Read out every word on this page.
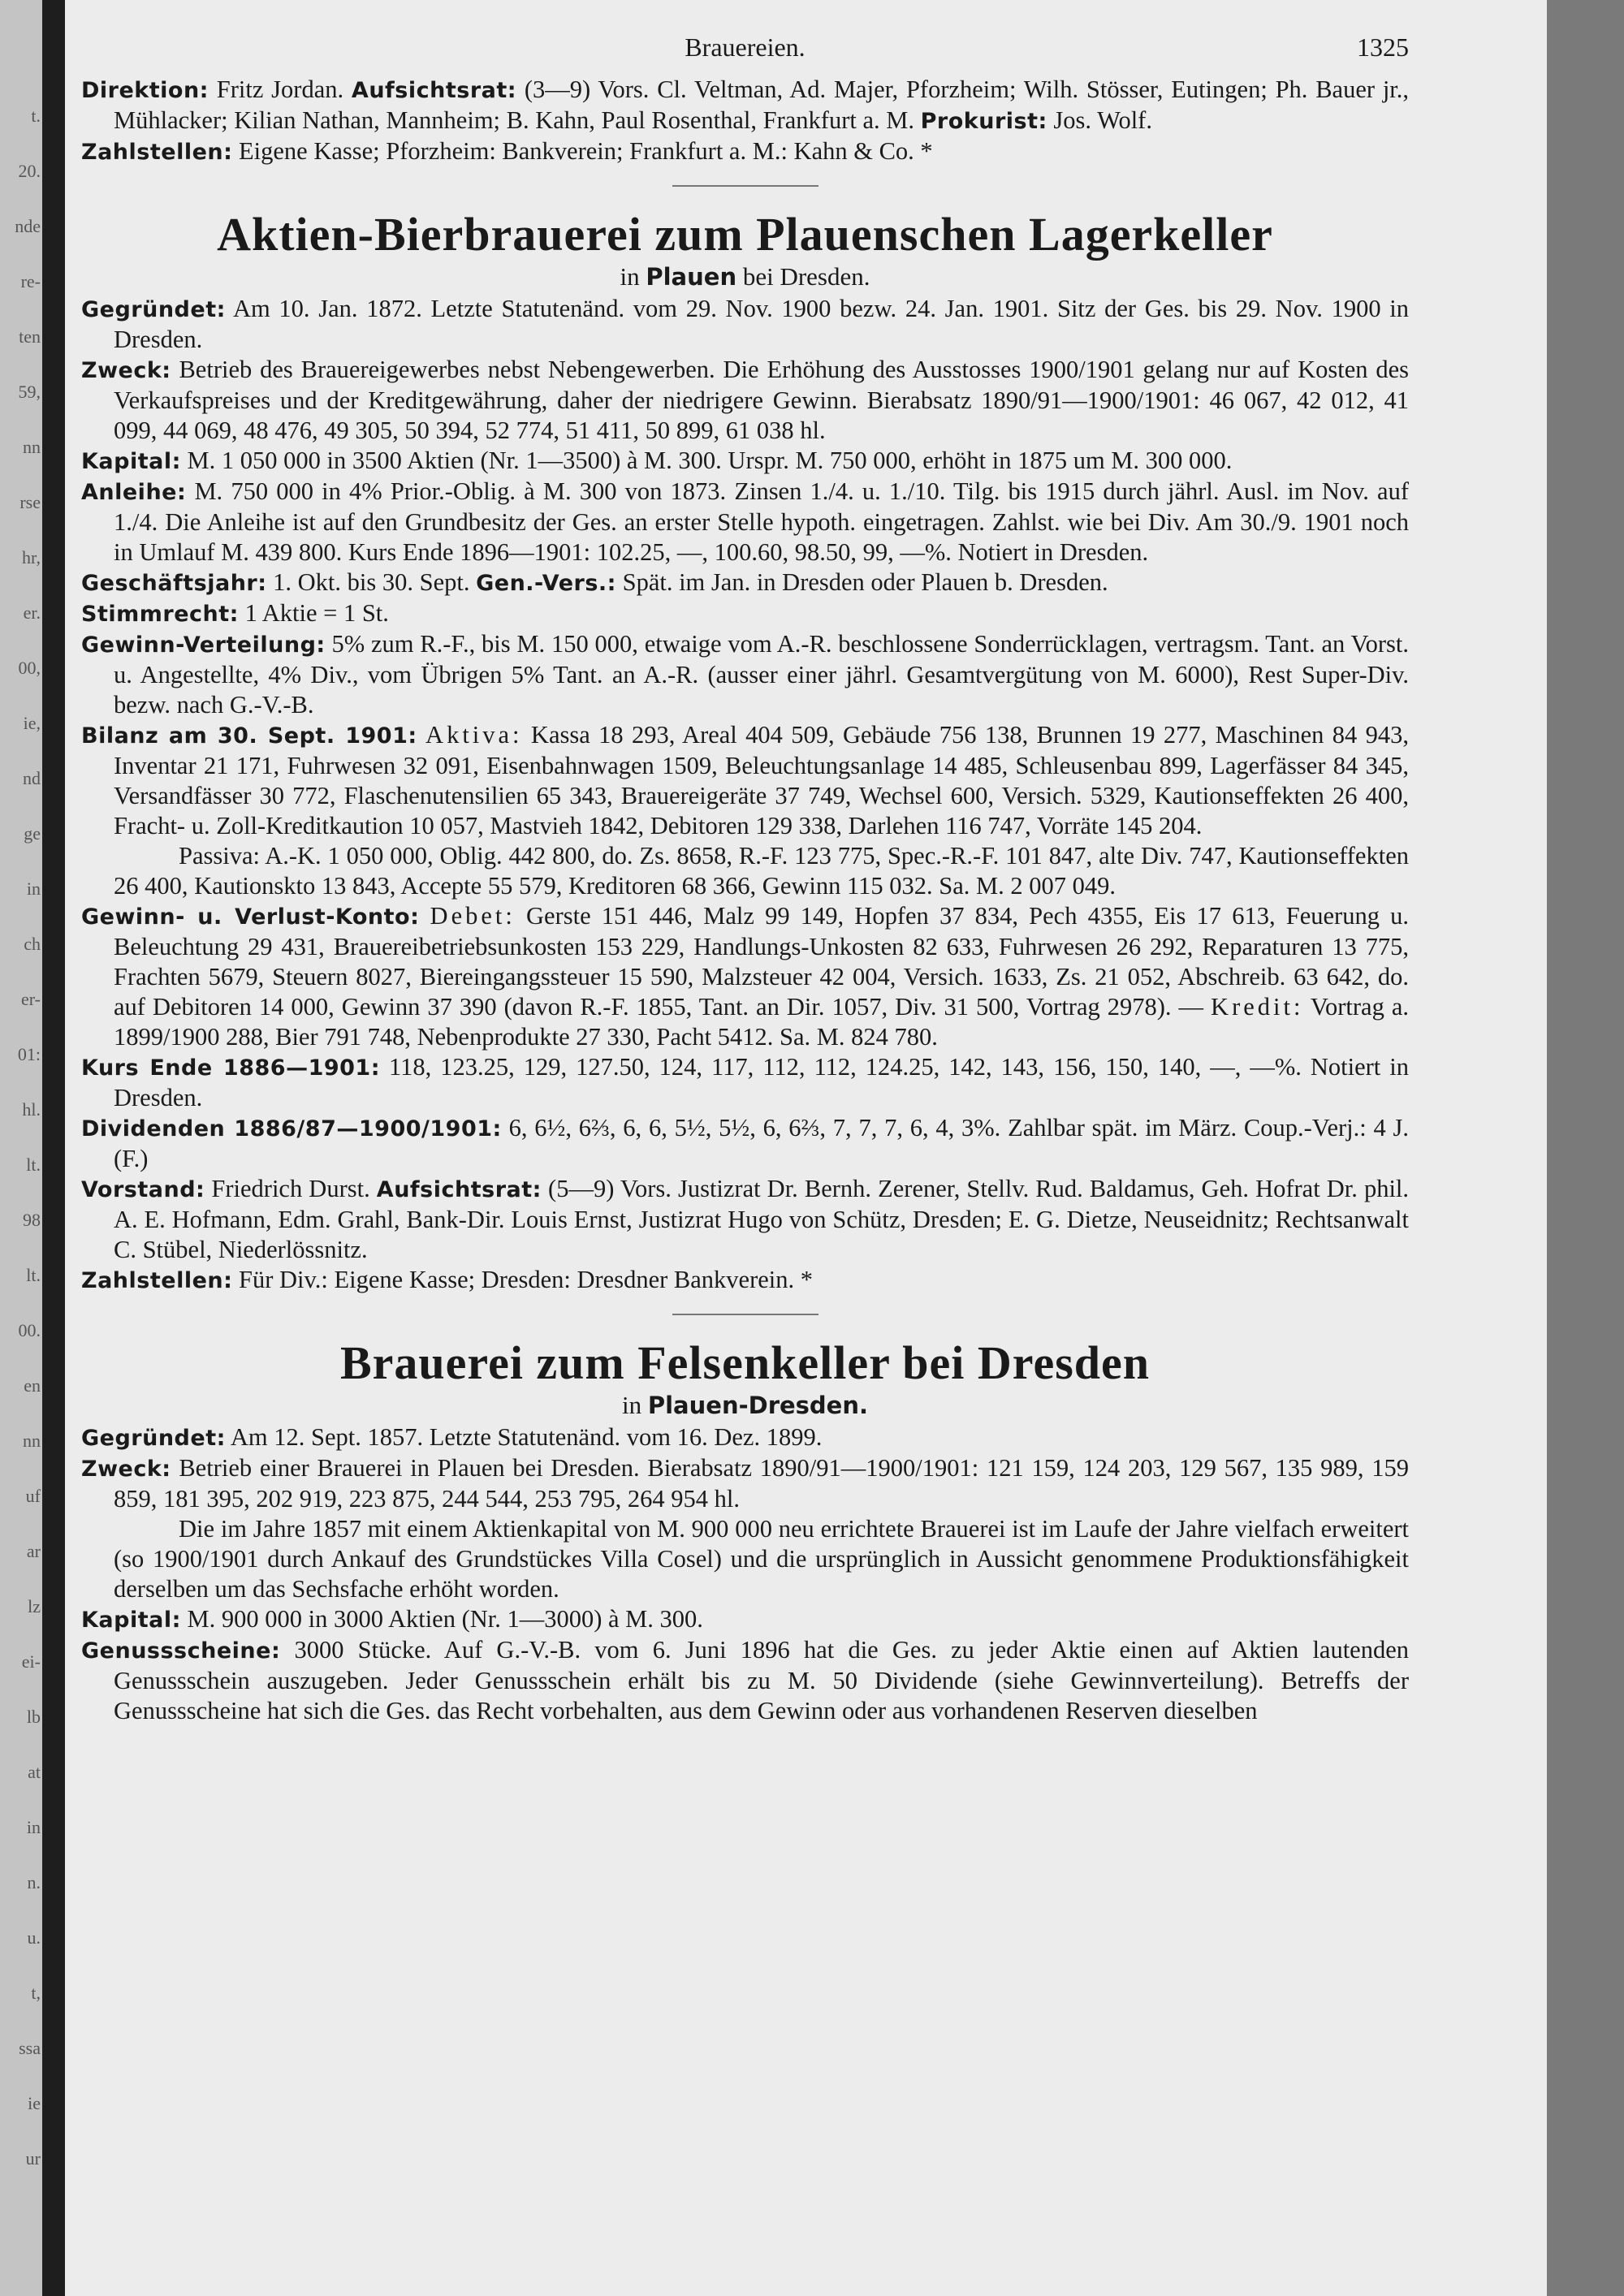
t.
20.
nde
re-
ten
59,
nn
rse
hr,
er.
00,
ie,
nd
ge
in
ch
er-
01:
hl.
lt.
98
lt.
00.
en
nn
uf
ar
lz
ei-
lb
at
in
n.
u.
t,
ssa
ie
ur
Brauereien.	1325
Direktion: Fritz Jordan. Aufsichtsrat: (3—9) Vors. Cl. Veltman, Ad. Majer, Pforzheim; Wilh. Stösser, Eutingen; Ph. Bauer jr., Mühlacker; Kilian Nathan, Mannheim; B. Kahn, Paul Rosenthal, Frankfurt a. M. Prokurist: Jos. Wolf.
Zahlstellen: Eigene Kasse; Pforzheim: Bankverein; Frankfurt a. M.: Kahn & Co. *
Aktien-Bierbrauerei zum Plauenschen Lagerkeller
in Plauen bei Dresden.
Gegründet: Am 10. Jan. 1872. Letzte Statutenänd. vom 29. Nov. 1900 bezw. 24. Jan. 1901. Sitz der Ges. bis 29. Nov. 1900 in Dresden.
Zweck: Betrieb des Brauereigewerbes nebst Nebengewerben. Die Erhöhung des Ausstosses 1900/1901 gelang nur auf Kosten des Verkaufspreises und der Kreditgewährung, daher der niedrigere Gewinn. Bierabsatz 1890/91—1900/1901: 46 067, 42 012, 41 099, 44 069, 48 476, 49 305, 50 394, 52 774, 51 411, 50 899, 61 038 hl.
Kapital: M. 1 050 000 in 3500 Aktien (Nr. 1—3500) à M. 300. Urspr. M. 750 000, erhöht in 1875 um M. 300 000.
Anleihe: M. 750 000 in 4% Prior.-Oblig. à M. 300 von 1873. Zinsen 1./4. u. 1./10. Tilg. bis 1915 durch jährl. Ausl. im Nov. auf 1./4. Die Anleihe ist auf den Grundbesitz der Ges. an erster Stelle hypoth. eingetragen. Zahlst. wie bei Div. Am 30./9. 1901 noch in Umlauf M. 439 800. Kurs Ende 1896—1901: 102.25, —, 100.60, 98.50, 99, —%. Notiert in Dresden.
Geschäftsjahr: 1. Okt. bis 30. Sept. Gen.-Vers.: Spät. im Jan. in Dresden oder Plauen b. Dresden.
Stimmrecht: 1 Aktie = 1 St.
Gewinn-Verteilung: 5% zum R.-F., bis M. 150 000, etwaige vom A.-R. beschlossene Sonderrücklagen, vertragsm. Tant. an Vorst. u. Angestellte, 4% Div., vom Übrigen 5% Tant. an A.-R. (ausser einer jährl. Gesamtvergütung von M. 6000), Rest Super-Div. bezw. nach G.-V.-B.
Bilanz am 30. Sept. 1901: Aktiva: Kassa 18 293, Areal 404 509, Gebäude 756 138, Brunnen 19 277, Maschinen 84 943, Inventar 21 171, Fuhrwesen 32 091, Eisenbahnwagen 1509, Beleuchtungsanlage 14 485, Schleusenbau 899, Lagerfässer 84 345, Versandfässer 30 772, Flaschenutensilien 65 343, Brauereigeräte 37 749, Wechsel 600, Versich. 5329, Kautionseffekten 26 400, Fracht- u. Zoll-Kreditkaution 10 057, Mastvieh 1842, Debitoren 129 338, Darlehen 116 747, Vorräte 145 204.
Passiva: A.-K. 1 050 000, Oblig. 442 800, do. Zs. 8658, R.-F. 123 775, Spec.-R.-F. 101 847, alte Div. 747, Kautionseffekten 26 400, Kautionskto 13 843, Accepte 55 579, Kreditoren 68 366, Gewinn 115 032. Sa. M. 2 007 049.
Gewinn- u. Verlust-Konto: Debet: Gerste 151 446, Malz 99 149, Hopfen 37 834, Pech 4355, Eis 17 613, Feuerung u. Beleuchtung 29 431, Brauereibetriebsunkosten 153 229, Handlungs-Unkosten 82 633, Fuhrwesen 26 292, Reparaturen 13 775, Frachten 5679, Steuern 8027, Biereingangssteuer 15 590, Malzsteuer 42 004, Versich. 1633, Zs. 21 052, Abschreib. 63 642, do. auf Debitoren 14 000, Gewinn 37 390 (davon R.-F. 1855, Tant. an Dir. 1057, Div. 31 500, Vortrag 2978). — Kredit: Vortrag a. 1899/1900 288, Bier 791 748, Nebenprodukte 27 330, Pacht 5412. Sa. M. 824 780.
Kurs Ende 1886—1901: 118, 123.25, 129, 127.50, 124, 117, 112, 112, 124.25, 142, 143, 156, 150, 140, —, —%. Notiert in Dresden.
Dividenden 1886/87—1900/1901: 6, 6½, 6⅔, 6, 6, 5½, 5½, 6, 6⅔, 7, 7, 7, 6, 4, 3%. Zahlbar spät. im März. Coup.-Verj.: 4 J. (F.)
Vorstand: Friedrich Durst. Aufsichtsrat: (5—9) Vors. Justizrat Dr. Bernh. Zerener, Stellv. Rud. Baldamus, Geh. Hofrat Dr. phil. A. E. Hofmann, Edm. Grahl, Bank-Dir. Louis Ernst, Justizrat Hugo von Schütz, Dresden; E. G. Dietze, Neuseidnitz; Rechtsanwalt C. Stübel, Niederlössnitz.
Zahlstellen: Für Div.: Eigene Kasse; Dresden: Dresdner Bankverein. *
Brauerei zum Felsenkeller bei Dresden
in Plauen-Dresden.
Gegründet: Am 12. Sept. 1857. Letzte Statutenänd. vom 16. Dez. 1899.
Zweck: Betrieb einer Brauerei in Plauen bei Dresden. Bierabsatz 1890/91—1900/1901: 121 159, 124 203, 129 567, 135 989, 159 859, 181 395, 202 919, 223 875, 244 544, 253 795, 264 954 hl.
Die im Jahre 1857 mit einem Aktienkapital von M. 900 000 neu errichtete Brauerei ist im Laufe der Jahre vielfach erweitert (so 1900/1901 durch Ankauf des Grundstückes Villa Cosel) und die ursprünglich in Aussicht genommene Produktionsfähigkeit derselben um das Sechsfache erhöht worden.
Kapital: M. 900 000 in 3000 Aktien (Nr. 1—3000) à M. 300.
Genussscheine: 3000 Stücke. Auf G.-V.-B. vom 6. Juni 1896 hat die Ges. zu jeder Aktie einen auf Aktien lautenden Genussschein auszugeben. Jeder Genussschein erhält bis zu M. 50 Dividende (siehe Gewinnverteilung). Betreffs der Genussscheine hat sich die Ges. das Recht vorbehalten, aus dem Gewinn oder aus vorhandenen Reserven dieselben
